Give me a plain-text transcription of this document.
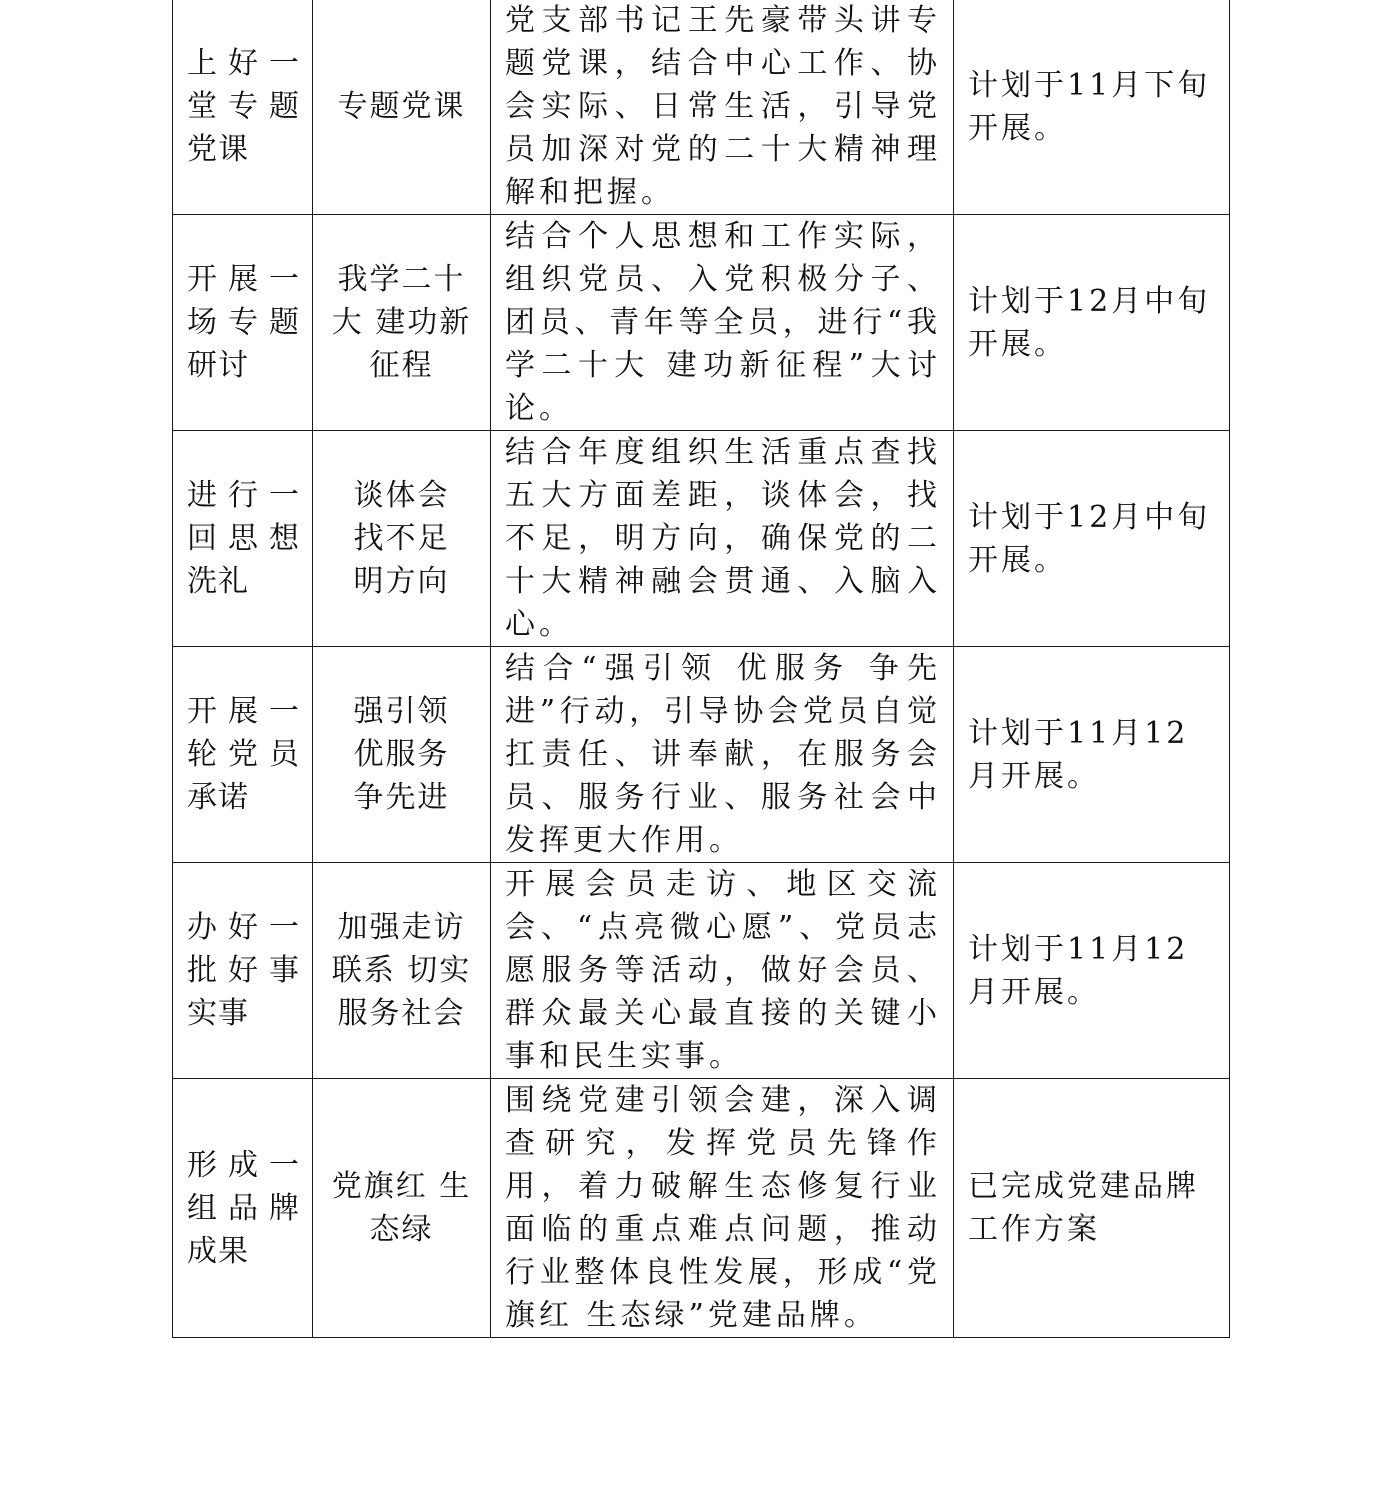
上好一
堂专题
党课	专题党课	党支部书记王先豪带头讲专题党课，结合中心工作、协会实际、日常生活，引导党员加深对党的二十大精神理解和把握。	计划于11月下旬开展。

开展一
场专题
研讨	我学二十
大 建功新
征程	结合个人思想和工作实际，组织党员、入党积极分子、团员、青年等全员，进行“我学二十大 建功新征程”大讨论。	计划于12月中旬开展。

进行一
回思想
洗礼	谈体会
找不足
明方向	结合年度组织生活重点查找五大方面差距，谈体会，找不足，明方向，确保党的二十大精神融会贯通、入脑入心。	计划于12月中旬开展。

开展一
轮党员
承诺	强引领
优服务
争先进	结合“强引领 优服务 争先进”行动，引导协会党员自觉扛责任、讲奉献，在服务会员、服务行业、服务社会中发挥更大作用。	计划于11月12月开展。

办好一
批好事
实事	加强走访
联系 切实
服务社会	开展会员走访、地区交流会、“点亮微心愿”、党员志愿服务等活动，做好会员、群众最关心最直接的关键小事和民生实事。	计划于11月12月开展。

形成一
组品牌
成果	党旗红 生
态绿	围绕党建引领会建，深入调查研究，发挥党员先锋作用，着力破解生态修复行业面临的重点难点问题，推动行业整体良性发展，形成“党旗红 生态绿”党建品牌。	已完成党建品牌工作方案
